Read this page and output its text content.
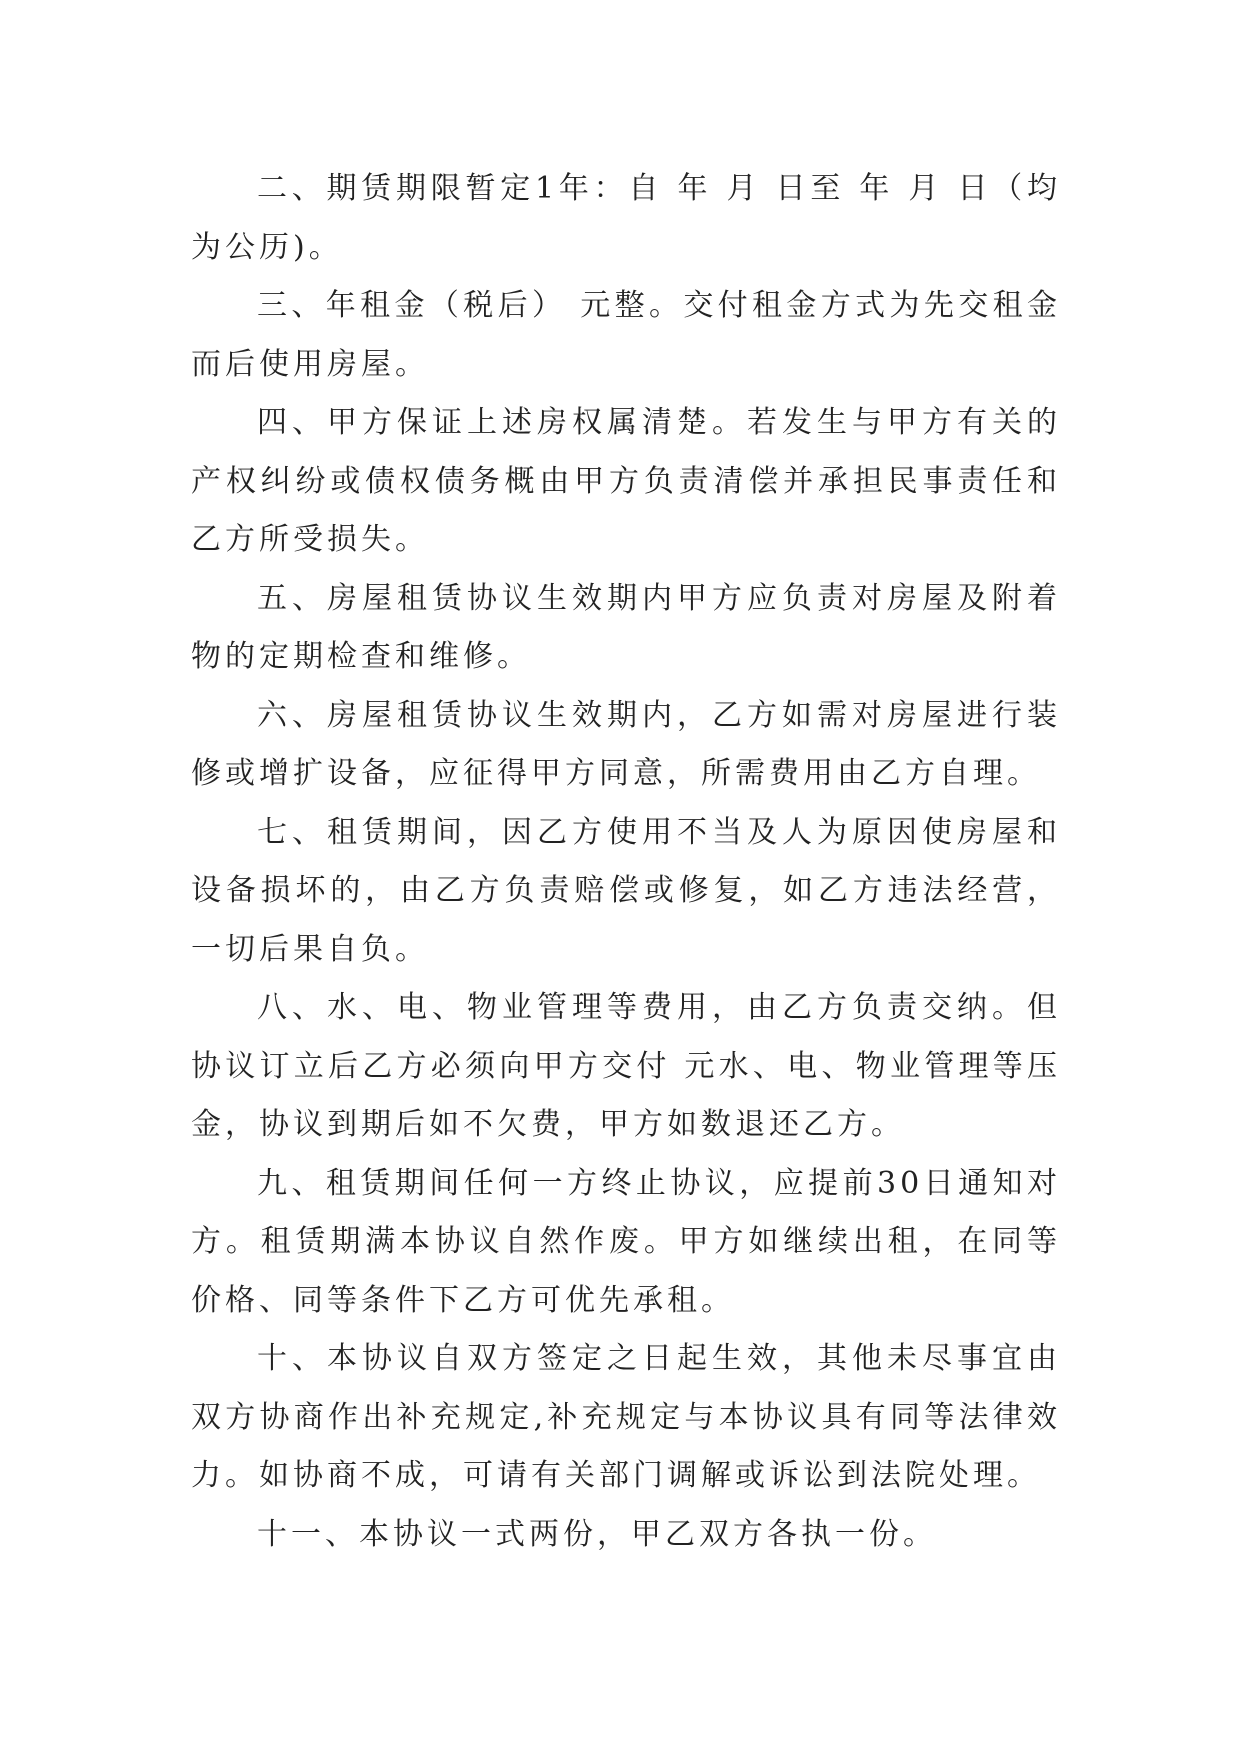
二、期赁期限暂定1年：自 年 月 日至 年 月 日（均为公历)。

三、年租金（税后） 元整。交付租金方式为先交租金而后使用房屋。

四、甲方保证上述房权属清楚。若发生与甲方有关的产权纠纷或债权债务概由甲方负责清偿并承担民事责任和乙方所受损失。

五、房屋租赁协议生效期内甲方应负责对房屋及附着物的定期检查和维修。

六、房屋租赁协议生效期内，乙方如需对房屋进行装修或增扩设备，应征得甲方同意，所需费用由乙方自理。

七、租赁期间，因乙方使用不当及人为原因使房屋和设备损坏的，由乙方负责赔偿或修复，如乙方违法经营，一切后果自负。

八、水、电、物业管理等费用，由乙方负责交纳。但协议订立后乙方必须向甲方交付 元水、电、物业管理等压金，协议到期后如不欠费，甲方如数退还乙方。

九、租赁期间任何一方终止协议，应提前30日通知对方。租赁期满本协议自然作废。甲方如继续出租，在同等价格、同等条件下乙方可优先承租。

十、本协议自双方签定之日起生效，其他未尽事宜由双方协商作出补充规定,补充规定与本协议具有同等法律效力。如协商不成，可请有关部门调解或诉讼到法院处理。

十一、本协议一式两份，甲乙双方各执一份。
